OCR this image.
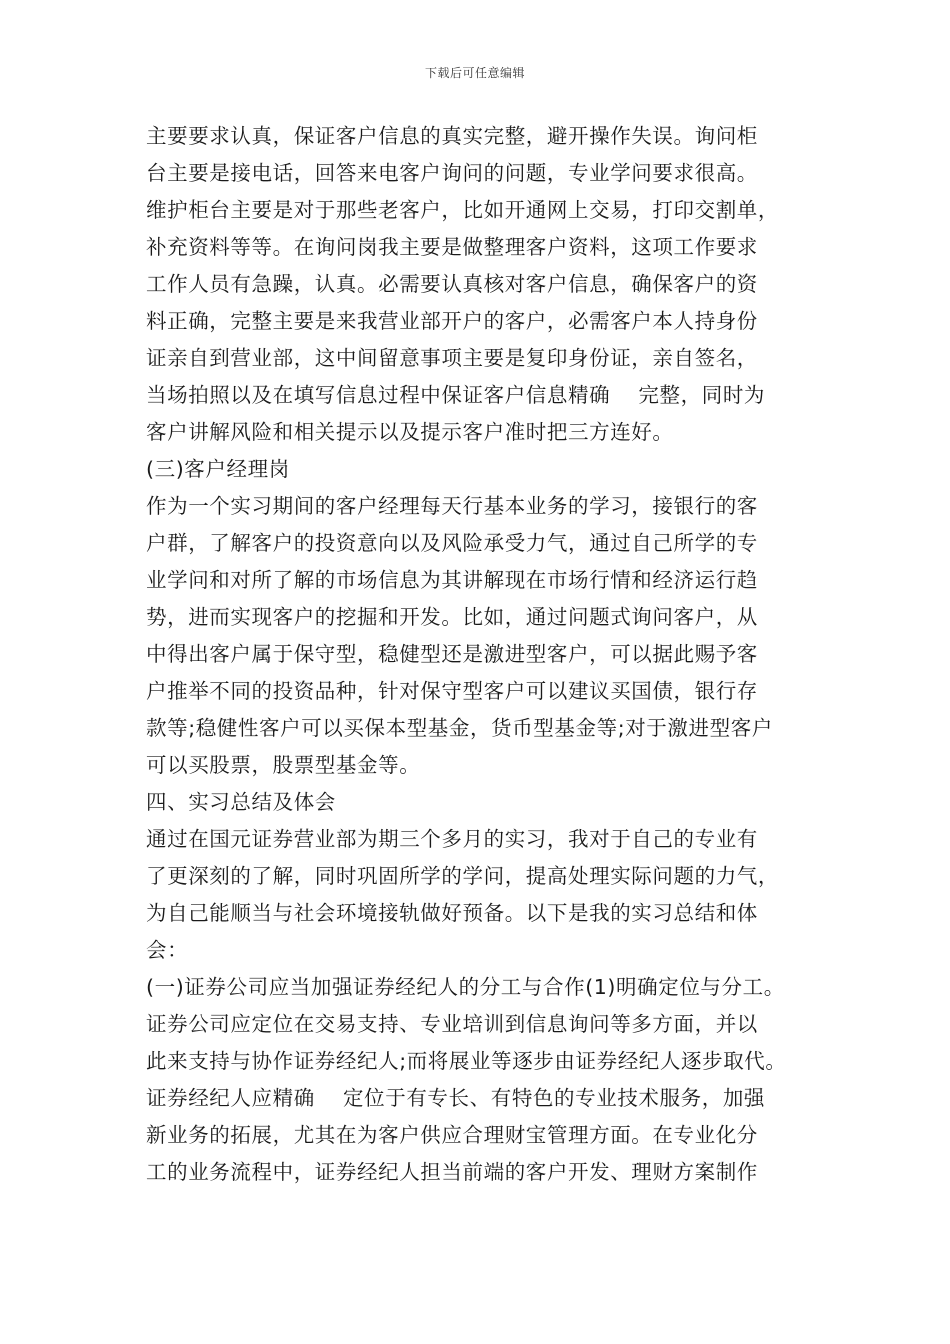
下载后可任意编辑
主要要求认真，保证客户信息的真实完整，避开操作失误。询问柜
台主要是接电话，回答来电客户询问的问题，专业学问要求很高。
维护柜台主要是对于那些老客户，比如开通网上交易，打印交割单，
补充资料等等。在询问岗我主要是做整理客户资料，这项工作要求
工作人员有急躁，认真。必需要认真核对客户信息，确保客户的资
料正确，完整主要是来我营业部开户的客户，必需客户本人持身份
证亲自到营业部，这中间留意事项主要是复印身份证，亲自签名，
当场拍照以及在填写信息过程中保证客户信息精确　 完整，同时为
客户讲解风险和相关提示以及提示客户准时把三方连好。
(三)客户经理岗
作为一个实习期间的客户经理每天行基本业务的学习，接银行的客
户群，了解客户的投资意向以及风险承受力气，通过自己所学的专
业学问和对所了解的市场信息为其讲解现在市场行情和经济运行趋
势，进而实现客户的挖掘和开发。比如，通过问题式询问客户，从
中得出客户属于保守型，稳健型还是激进型客户，可以据此赐予客
户推举不同的投资品种，针对保守型客户可以建议买国债，银行存
款等;稳健性客户可以买保本型基金，货币型基金等;对于激进型客户
可以买股票，股票型基金等。
四、实习总结及体会
通过在国元证券营业部为期三个多月的实习，我对于自己的专业有
了更深刻的了解，同时巩固所学的学问，提高处理实际问题的力气，
为自己能顺当与社会环境接轨做好预备。以下是我的实习总结和体
会：
(一)证券公司应当加强证券经纪人的分工与合作(1)明确定位与分工。
证券公司应定位在交易支持、专业培训到信息询问等多方面，并以
此来支持与协作证券经纪人;而将展业等逐步由证券经纪人逐步取代。
证券经纪人应精确　 定位于有专长、有特色的专业技术服务，加强
新业务的拓展，尤其在为客户供应合理财宝管理方面。在专业化分
工的业务流程中，证券经纪人担当前端的客户开发、理财方案制作
